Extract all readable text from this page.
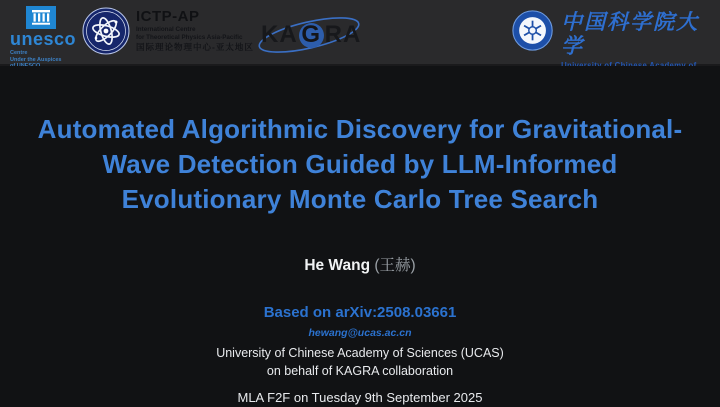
unesco
Centre
Under the Auspices
ICTP-AP
International Centre
for Theoretical Physics Asia-Pacific
国际理论物理中心-亚太地区 KA G RA	中国科学院大学
Automated Algorithmic Discovery for Gravitational-
Wave Detection Guided by LLM-Informed
Evolutionary Monte Carlo Tree Search
He Wang (王赫)
Based on arXiv:2508.03661
hewang@ucas.ac.cn
University of Chinese Academy of Sciences (UCAS)
on behalf of KAGRA collaboration
MLA F2F on Tuesday 9th September 2025
